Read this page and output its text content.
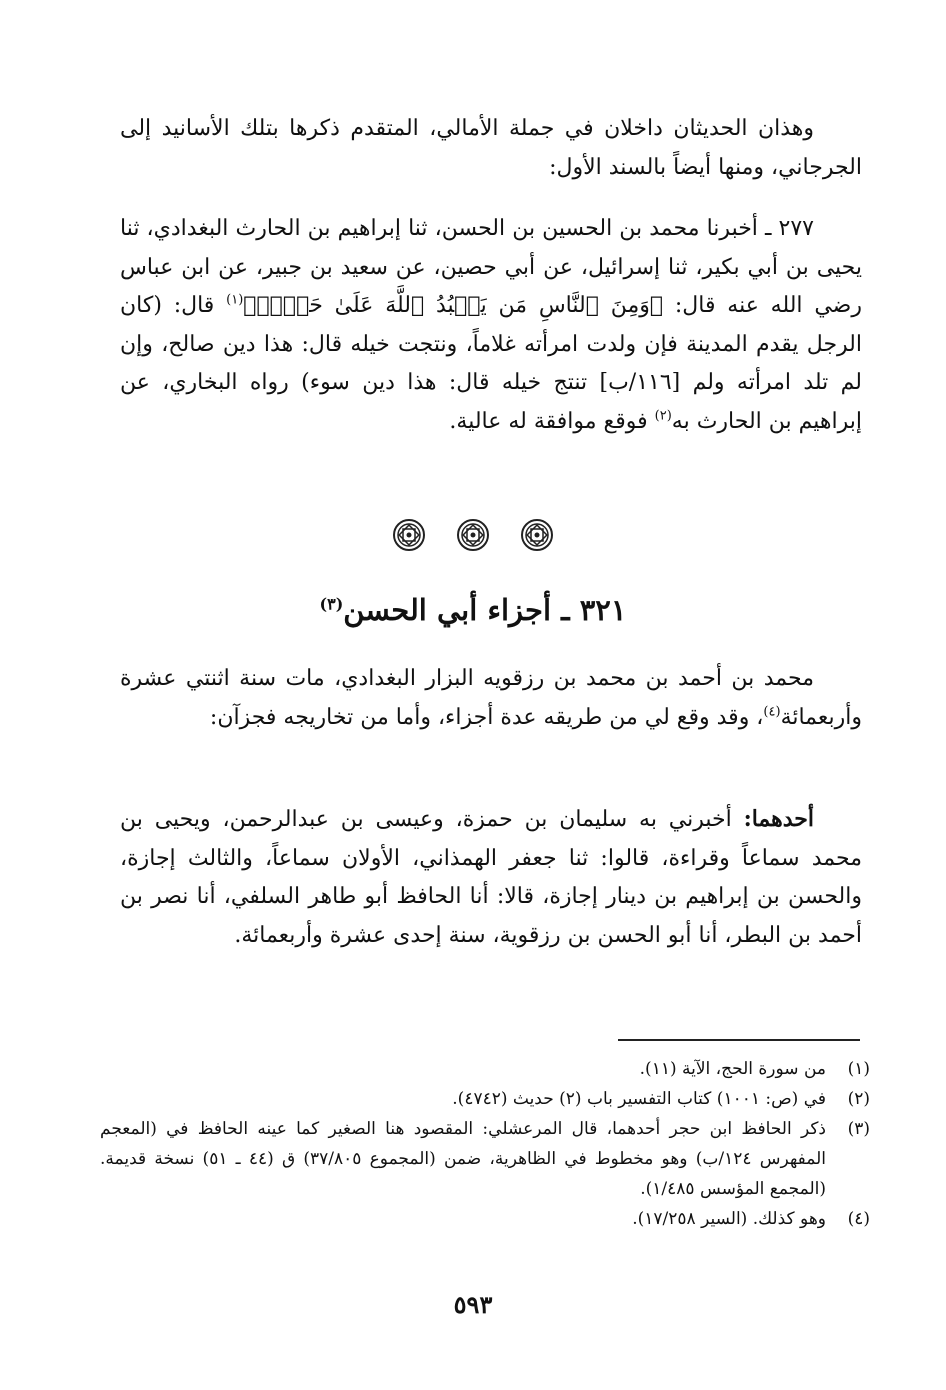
وهذان الحديثان داخلان في جملة الأمالي، المتقدم ذكرها بتلك الأسانيد إلى الجرجاني، ومنها أيضاً بالسند الأول:
٢٧٧ ـ أخبرنا محمد بن الحسين بن الحسن، ثنا إبراهيم بن الحارث البغدادي، ثنا يحيى بن أبي بكير، ثنا إسرائيل، عن أبي حصين، عن سعيد بن جبير، عن ابن عباس رضي الله عنه قال: ﴿وَمِنَ ٱلنَّاسِ مَن يَعۡبُدُ ٱللَّهَ عَلَىٰ حَرۡفٖ﴾$^{(١)}$ قال: (كان الرجل يقدم المدينة فإن ولدت امرأته غلاماً، ونتجت خيله قال: هذا دين صالح، وإن لم تلد امرأته ولم [١١٦/ب] تنتج خيله قال: هذا دين سوء) رواه البخاري، عن إبراهيم بن الحارث به$^{(٢)}$ فوقع موافقة له عالية.
٣٢١ ـ أجزاء أبي الحسن$^{(٣)}$
محمد بن أحمد بن محمد بن رزقويه البزار البغدادي، مات سنة اثنتي عشرة وأربعمائة$^{(٤)}$، وقد وقع لي من طريقه عدة أجزاء، وأما من تخاريجه فجزآن:
أحدهما: أخبرني به سليمان بن حمزة، وعيسى بن عبدالرحمن، ويحيى بن محمد سماعاً وقراءة، قالوا: ثنا جعفر الهمذاني، الأولان سماعاً، والثالث إجازة، والحسن بن إبراهيم بن دينار إجازة، قالا: أنا الحافظ أبو طاهر السلفي، أنا نصر بن أحمد بن البطر، أنا أبو الحسن بن رزقوية، سنة إحدى عشرة وأربعمائة.
(١)
من سورة الحج، الآية (١١).
(٢)
في (ص: ١٠٠١) كتاب التفسير باب (٢) حديث (٤٧٤٢).
(٣)
ذكر الحافظ ابن حجر أحدهما، قال المرعشلي: المقصود هنا الصغير كما عينه الحافظ في (المعجم المفهرس ١٢٤/ب) وهو مخطوط في الظاهرية، ضمن (المجموع ٣٧/٨٠٥) ق (٤٤ ـ ٥١) نسخة قديمة. (المجمع المؤسس ١/٤٨٥).
(٤)
وهو كذلك. (السير ١٧/٢٥٨).
٥٩٣
